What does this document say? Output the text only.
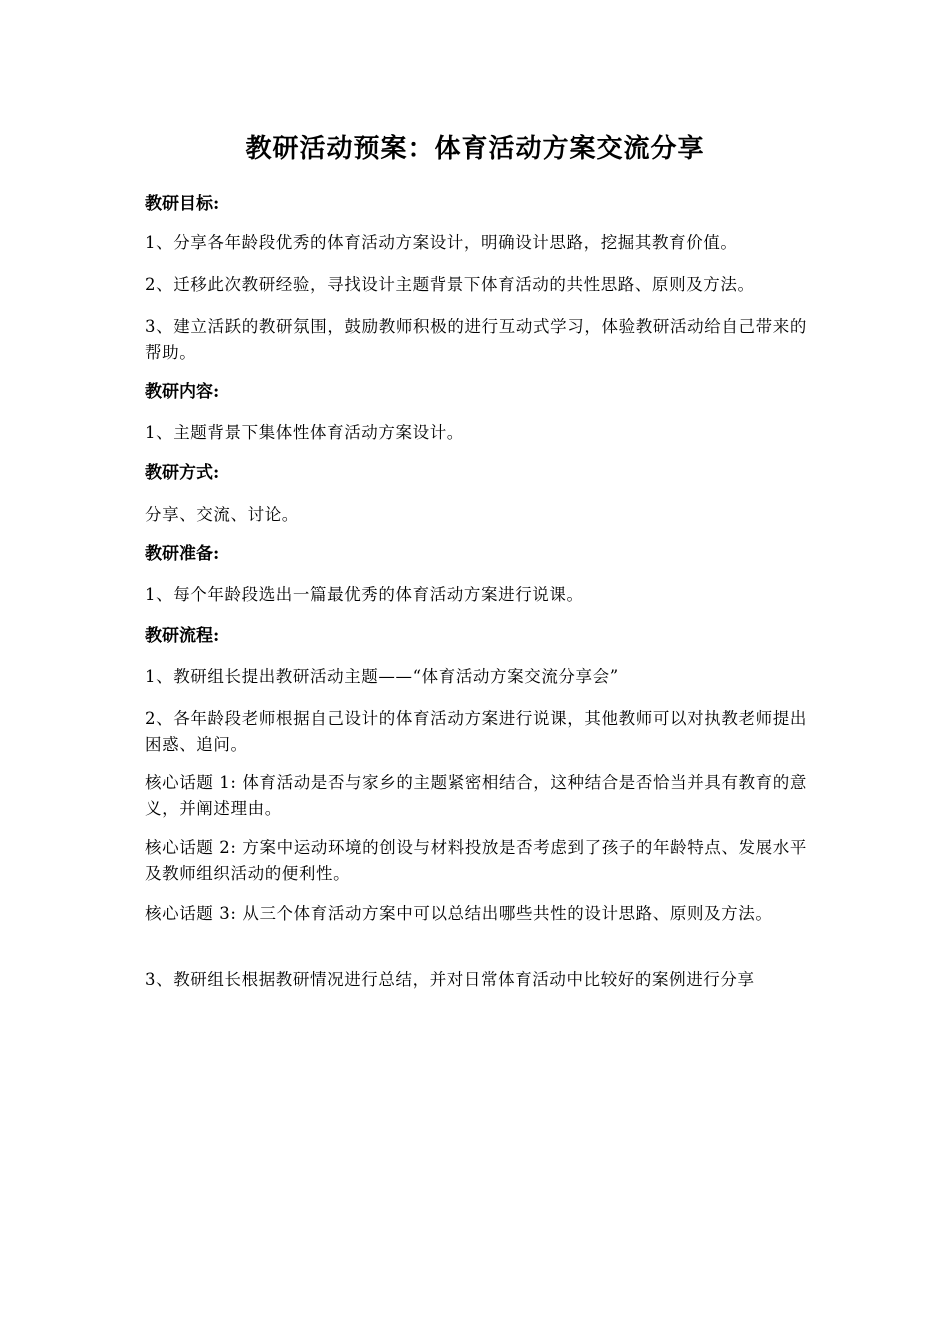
教研活动预案：体育活动方案交流分享
教研目标:
1、分享各年龄段优秀的体育活动方案设计，明确设计思路，挖掘其教育价值。
2、迁移此次教研经验，寻找设计主题背景下体育活动的共性思路、原则及方法。
3、建立活跃的教研氛围，鼓励教师积极的进行互动式学习，体验教研活动给自己带来的帮助。
教研内容:
1、主题背景下集体性体育活动方案设计。
教研方式:
分享、交流、讨论。
教研准备:
1、每个年龄段选出一篇最优秀的体育活动方案进行说课。
教研流程:
1、教研组长提出教研活动主题——“体育活动方案交流分享会”
2、各年龄段老师根据自己设计的体育活动方案进行说课，其他教师可以对执教老师提出困惑、追问。
核心话题 1: 体育活动是否与家乡的主题紧密相结合，这种结合是否恰当并具有教育的意义，并阐述理由。
核心话题 2: 方案中运动环境的创设与材料投放是否考虑到了孩子的年龄特点、发展水平及教师组织活动的便利性。
核心话题 3: 从三个体育活动方案中可以总结出哪些共性的设计思路、原则及方法。
3、教研组长根据教研情况进行总结，并对日常体育活动中比较好的案例进行分享
